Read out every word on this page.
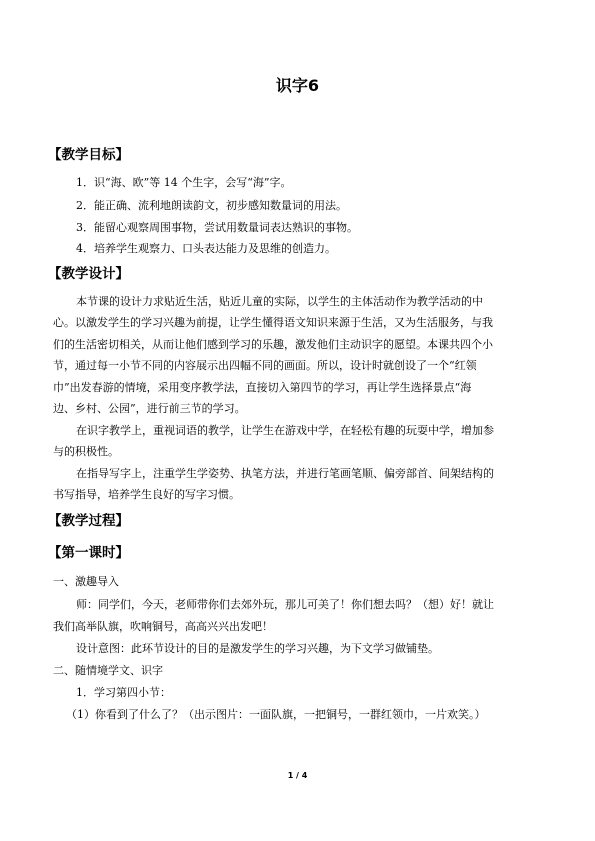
识字6
【教学目标】
1．识“海、欧”等 14 个生字，会写“海”字。
2．能正确、流利地朗读韵文，初步感知数量词的用法。
3．能留心观察周围事物，尝试用数量词表达熟识的事物。
4．培养学生观察力、口头表达能力及思维的创造力。
【教学设计】
本节课的设计力求贴近生活，贴近儿童的实际，以学生的主体活动作为教学活动的中
心。以激发学生的学习兴趣为前提，让学生懂得语文知识来源于生活，又为生活服务，与我
们的生活密切相关，从而让他们感到学习的乐趣，激发他们主动识字的愿望。本课共四个小
节，通过每一小节不同的内容展示出四幅不同的画面。所以，设计时就创设了一个“红领
巾”出发春游的情境，采用变序教学法，直接切入第四节的学习，再让学生选择景点“海
边、乡村、公园”，进行前三节的学习。
在识字教学上，重视词语的教学，让学生在游戏中学，在轻松有趣的玩耍中学，增加参
与的积极性。
在指导写字上，注重学生学姿势、执笔方法，并进行笔画笔顺、偏旁部首、间架结构的
书写指导，培养学生良好的写字习惯。
【教学过程】
【第一课时】
一、激趣导入
师：同学们，今天，老师带你们去郊外玩，那儿可美了！你们想去吗？（想）好！就让
我们高举队旗，吹响铜号，高高兴兴出发吧！
设计意图：此环节设计的目的是激发学生的学习兴趣，为下文学习做铺垫。
二、随情境学文、识字
1．学习第四小节：
（1）你看到了什么了？（出示图片：一面队旗，一把铜号，一群红领巾，一片欢笑。）
1 / 4
